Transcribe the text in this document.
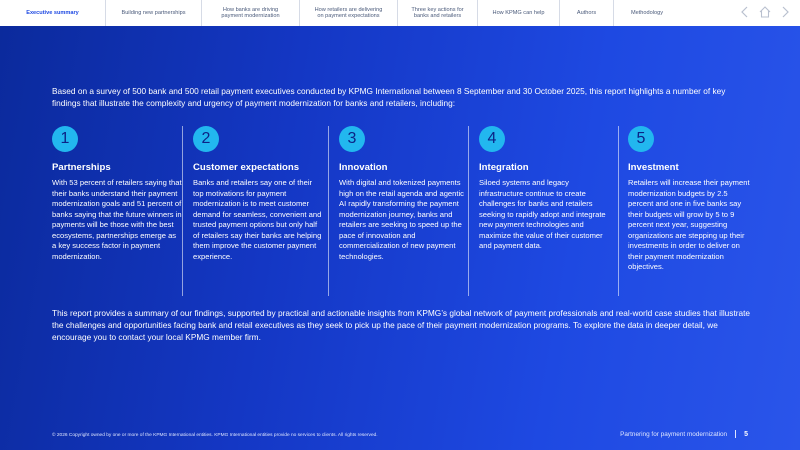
Executive summary	Building new partnerships
How banks are driving
payment modernization
How retailers are delivering
on payment expectations
Three key actions for
banks and retailers
How KPMG can help	Authors	Methodology

Based on a survey of 500 bank and 500 retail payment executives conducted by KPMG International between 8 September and 30 October 2025, this report highlights a number of key findings that illustrate the complexity and urgency of payment modernization for banks and retailers, including:

1
Partnerships
With 53 percent of retailers saying that their banks understand their payment modernization goals and 51 percent of banks saying that the future winners in payments will be those with the best ecosystems, partnerships emerge as a key success factor in payment modernization.
2
Customer expectations
Banks and retailers say one of their top motivations for payment modernization is to meet customer demand for seamless, convenient and trusted payment options but only half of retailers say their banks are helping them improve the customer payment experience.
3
Innovation
With digital and tokenized payments high on the retail agenda and agentic AI rapidly transforming the payment modernization journey, banks and retailers are seeking to speed up the pace of innovation and commercialization of new payment technologies.
4
Integration
Siloed systems and legacy infrastructure continue to create challenges for banks and retailers seeking to rapidly adopt and integrate new payment technologies and maximize the value of their customer and payment data.
5
Investment
Retailers will increase their payment modernization budgets by 2.5 percent and one in five banks say their budgets will grow by 5 to 9 percent next year, suggesting organizations are stepping up their investments in order to deliver on their payment modernization objectives.

This report provides a summary of our findings, supported by practical and actionable insights from KPMG’s global network of payment professionals and real-world case studies that illustrate the challenges and opportunities facing bank and retail executives as they seek to pick up the pace of their payment modernization programs. To explore the data in deeper detail, we encourage you to contact your local KPMG member firm.

© 2026 Copyright owned by one or more of the KPMG International entities. KPMG International entities provide no services to clients. All rights reserved.	Partnering for payment modernization 5
